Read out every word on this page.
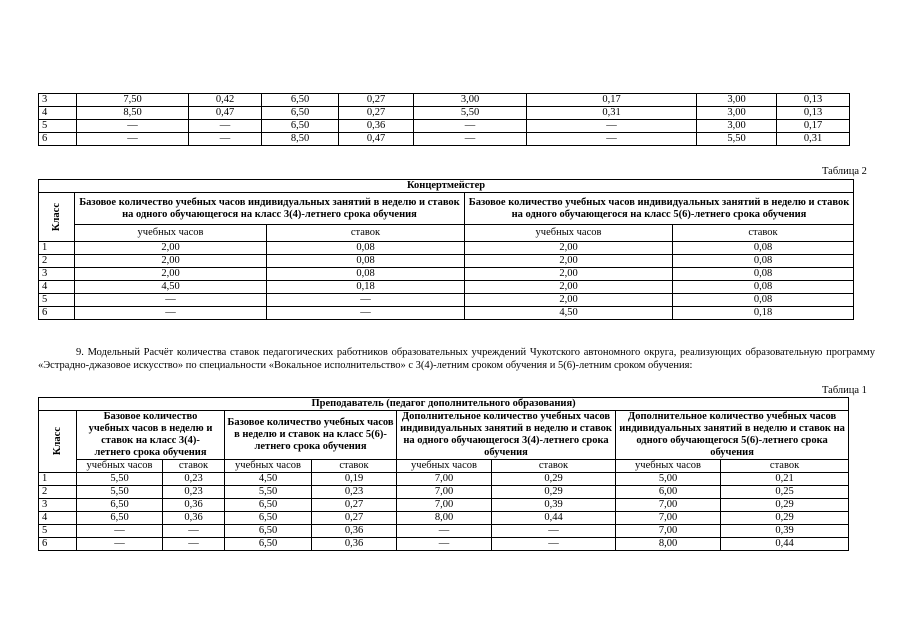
3	7,50	0,42	6,50	0,27	3,00	0,17	3,00	0,13
4	8,50	0,47	6,50	0,27	5,50	0,31	3,00	0,13
5	—	—	6,50	0,36	—	—	3,00	0,17
6	—	—	8,50	0,47	—	—	5,50	0,31
Таблица 2
Концертмейстер				

Класс	Базовое количество учебных часов индивидуальных занятий в неделю и ставок на одного обучающегося на класс 3(4)-летнего срока обучения		Базовое количество учебных часов индивидуальных занятий в неделю и ставок на одного обучающегося на класс 5(6)-летнего срока обучения	
	учебных часов	ставок	учебных часов	ставок
1	2,00	0,08	2,00	0,08
2	2,00	0,08	2,00	0,08
3	2,00	0,08	2,00	0,08
4	4,50	0,18	2,00	0,08
5	—	—	2,00	0,08
6	—	—	4,50	0,18
9. Модельный Расчёт количества ставок педагогических работников образовательных учреждений Чукотского автономного округа, реализующих образовательную программу «Эстрадно-джазовое искусство» по специальности «Вокальное исполнительство» с 3(4)-летним сроком обучения и 5(6)-летним сроком обучения:
Таблица 1
Преподаватель (педагог дополнительного образования)								

Класс	Базовое количество учебных часов в неделю и ставок на класс 3(4)-летнего срока обучения		Базовое количество учебных часов в неделю и ставок на класс 5(6)-летнего срока обучения		Дополнительное количество учебных часов индивидуальных занятий в неделю и ставок на одного обучающегося 3(4)-летнего срока обучения		Дополнительное количество учебных часов индивидуальных занятий в неделю и ставок на одного обучающегося 5(6)-летнего срока обучения	
	учебных часов	ставок	учебных часов	ставок	учебных часов	ставок	учебных часов	ставок
1	5,50	0,23	4,50	0,19	7,00	0,29	5,00	0,21
2	5,50	0,23	5,50	0,23	7,00	0,29	6,00	0,25
3	6,50	0,36	6,50	0,27	7,00	0,39	7,00	0,29
4	6,50	0,36	6,50	0,27	8,00	0,44	7,00	0,29
5	—	—	6,50	0,36	—	—	7,00	0,39
6	—	—	6,50	0,36	—	—	8,00	0,44
